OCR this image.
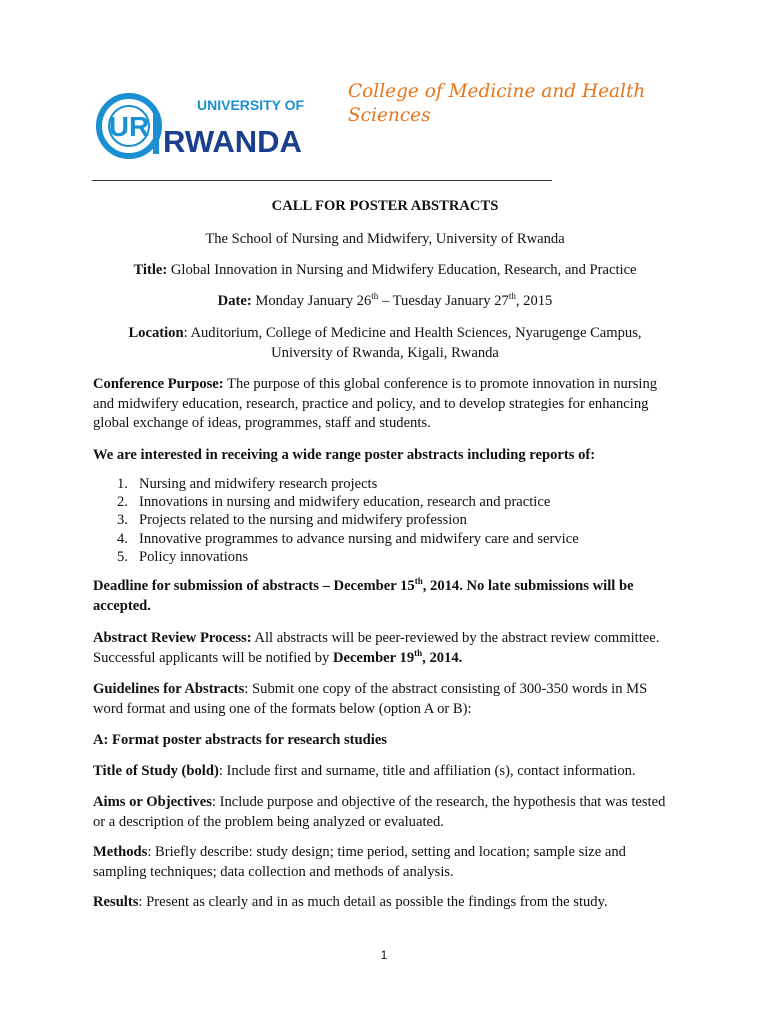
UR
UNIVERSITY OF
RWANDA
College of Medicine and Health Sciences
CALL FOR POSTER ABSTRACTS
The School of Nursing and Midwifery, University of Rwanda
Title: Global Innovation in Nursing and Midwifery Education, Research, and Practice
Date: Monday January 26th – Tuesday January 27th, 2015
Location: Auditorium, College of Medicine and Health Sciences, Nyarugenge Campus,
University of Rwanda, Kigali, Rwanda
Conference Purpose: The purpose of this global conference is to promote innovation in nursing and midwifery education, research, practice and policy, and to develop strategies for enhancing global exchange of ideas, programmes, staff and students.
We are interested in receiving a wide range poster abstracts including reports of:
1. Nursing and midwifery research projects
2. Innovations in nursing and midwifery education, research and practice
3. Projects related to the nursing and midwifery profession
4. Innovative programmes to advance nursing and midwifery care and service
5. Policy innovations
Deadline for submission of abstracts – December 15th, 2014. No late submissions will be accepted.
Abstract Review Process: All abstracts will be peer-reviewed by the abstract review committee. Successful applicants will be notified by December 19th, 2014.
Guidelines for Abstracts: Submit one copy of the abstract consisting of 300-350 words in MS word format and using one of the formats below (option A or B):
A: Format poster abstracts for research studies
Title of Study (bold): Include first and surname, title and affiliation (s), contact information.
Aims or Objectives: Include purpose and objective of the research, the hypothesis that was tested or a description of the problem being analyzed or evaluated.
Methods: Briefly describe: study design; time period, setting and location; sample size and sampling techniques; data collection and methods of analysis.
Results: Present as clearly and in as much detail as possible the findings from the study.
1
